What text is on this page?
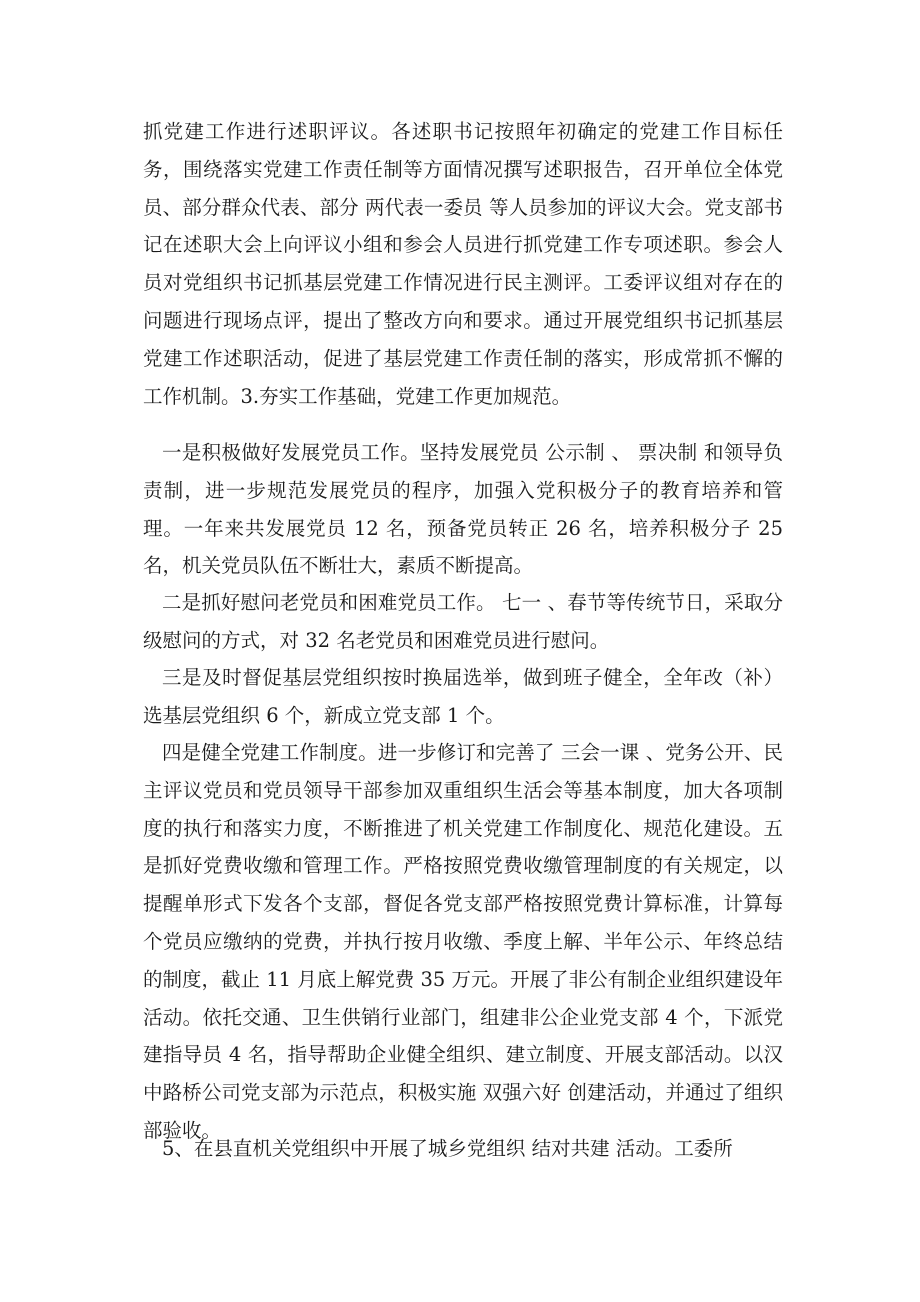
抓党建工作进行述职评议。各述职书记按照年初确定的党建工作目标任务，围绕落实党建工作责任制等方面情况撰写述职报告，召开单位全体党员、部分群众代表、部分 两代表一委员 等人员参加的评议大会。党支部书记在述职大会上向评议小组和参会人员进行抓党建工作专项述职。参会人员对党组织书记抓基层党建工作情况进行民主测评。工委评议组对存在的问题进行现场点评，提出了整改方向和要求。通过开展党组织书记抓基层党建工作述职活动，促进了基层党建工作责任制的落实，形成常抓不懈的工作机制。3.夯实工作基础，党建工作更加规范。

一是积极做好发展党员工作。坚持发展党员 公示制 、 票决制 和领导负责制，进一步规范发展党员的程序，加强入党积极分子的教育培养和管理。一年来共发展党员 12 名，预备党员转正 26 名，培养积极分子 25 名，机关党员队伍不断壮大，素质不断提高。

二是抓好慰问老党员和困难党员工作。 七一 、春节等传统节日，采取分级慰问的方式，对 32 名老党员和困难党员进行慰问。

三是及时督促基层党组织按时换届选举，做到班子健全，全年改（补）选基层党组织 6 个，新成立党支部 1 个。

四是健全党建工作制度。进一步修订和完善了 三会一课 、党务公开、民主评议党员和党员领导干部参加双重组织生活会等基本制度，加大各项制度的执行和落实力度，不断推进了机关党建工作制度化、规范化建设。五是抓好党费收缴和管理工作。严格按照党费收缴管理制度的有关规定，以提醒单形式下发各个支部，督促各党支部严格按照党费计算标准，计算每个党员应缴纳的党费，并执行按月收缴、季度上解、半年公示、年终总结的制度，截止 11 月底上解党费 35 万元。开展了非公有制企业组织建设年活动。依托交通、卫生供销行业部门，组建非公企业党支部 4 个，下派党建指导员 4 名，指导帮助企业健全组织、建立制度、开展支部活动。以汉中路桥公司党支部为示范点，积极实施 双强六好 创建活动，并通过了组织部验收。

5、在县直机关党组织中开展了城乡党组织 结对共建 活动。工委所
